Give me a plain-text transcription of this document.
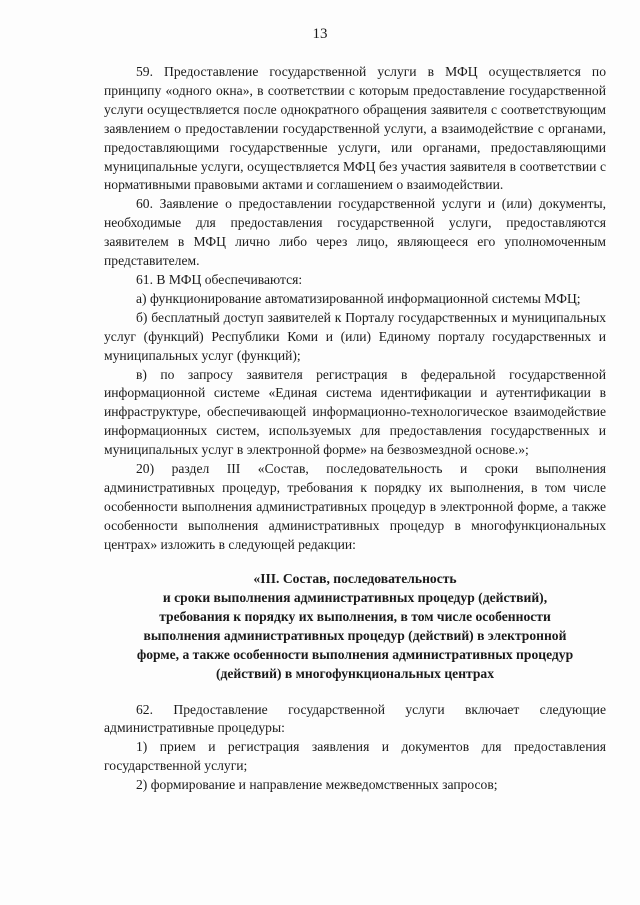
13

59. Предоставление государственной услуги в МФЦ осуществляется по принципу «одного окна», в соответствии с которым предоставление государственной услуги осуществляется после однократного обращения заявителя с соответствующим заявлением о предоставлении государственной услуги, а взаимодействие с органами, предоставляющими государственные услуги, или органами, предоставляющими муниципальные услуги, осуществляется МФЦ без участия заявителя в соответствии с нормативными правовыми актами и соглашением о взаимодействии.

60. Заявление о предоставлении государственной услуги и (или) документы, необходимые для предоставления государственной услуги, предоставляются заявителем в МФЦ лично либо через лицо, являющееся его уполномоченным представителем.

61. В МФЦ обеспечиваются:

а) функционирование автоматизированной информационной системы МФЦ;

б) бесплатный доступ заявителей к Порталу государственных и муниципальных услуг (функций) Республики Коми и (или) Единому порталу государственных и муниципальных услуг (функций);

в) по запросу заявителя регистрация в федеральной государственной информационной системе «Единая система идентификации и аутентификации в инфраструктуре, обеспечивающей информационно-технологическое взаимодействие информационных систем, используемых для предоставления государственных и муниципальных услуг в электронной форме» на безвозмездной основе.»;

20) раздел III «Состав, последовательность и сроки выполнения административных процедур, требования к порядку их выполнения, в том числе особенности выполнения административных процедур в электронной форме, а также особенности выполнения административных процедур в многофункциональных центрах» изложить в следующей редакции:

«III. Состав, последовательность
и сроки выполнения административных процедур (действий),
требования к порядку их выполнения, в том числе особенности
выполнения административных процедур (действий) в электронной
форме, а также особенности выполнения административных процедур
(действий) в многофункциональных центрах

62. Предоставление государственной услуги включает следующие административные процедуры:

1) прием и регистрация заявления и документов для предоставления государственной услуги;

2) формирование и направление межведомственных запросов;
